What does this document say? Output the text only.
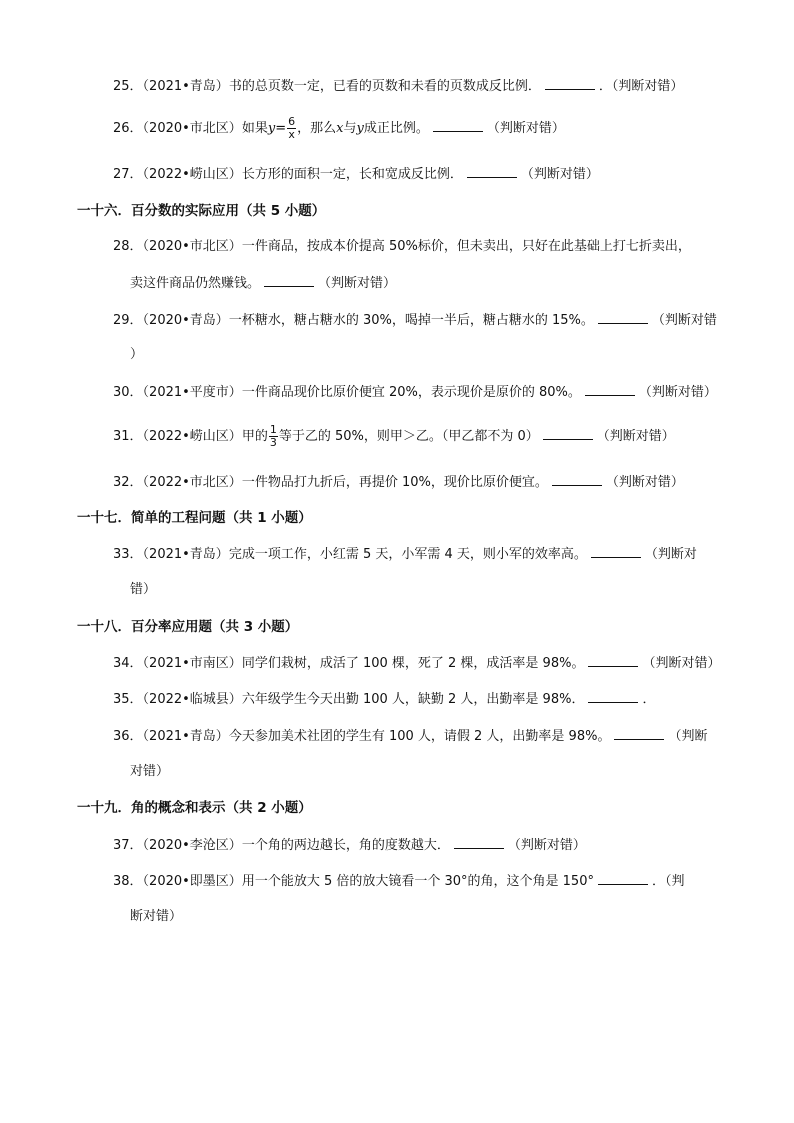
25．（2021•青岛）书的总页数一定，已看的页数和未看的页数成反比例．	．（判断对错）
26．（2020•市北区）如果$y= \frac{6}{x}$ ，那么x与y成正比例。	（判断对错）
27．（2022•崂山区）长方形的面积一定，长和宽成反比例．	（判断对错）
一十六．百分数的实际应用（共 5 小题）
28．（2020•市北区）一件商品，按成本价提高 50%标价，但未卖出，只好在此基础上打七折卖出，
卖这件商品仍然赚钱。	（判断对错）
29．（2020•青岛）一杯糖水，糖占糖水的 30%，喝掉一半后，糖占糖水的 15%。	（判断对错
）
30．（2021•平度市）一件商品现价比原价便宜 20%，表示现价是原价的 80%。	（判断对错）
31．（2022•崂山区）甲的 $\frac{1}{3}$ 等于乙的 50%，则甲＞乙。（甲乙都不为 0）	（判断对错）
32．（2022•市北区）一件物品打九折后，再提价 10%，现价比原价便宜。	（判断对错）
一十七．简单的工程问题（共 1 小题）
33．（2021•青岛）完成一项工作，小红需 5 天，小军需 4 天，则小军的效率高。	（判断对
错）
一十八．百分率应用题（共 3 小题）
34．（2021•市南区）同学们栽树，成活了 100 棵，死了 2 棵，成活率是 98%。	（判断对错）
35．（2022•临城县）六年级学生今天出勤 100 人，缺勤 2 人，出勤率是 98%．	．
36．（2021•青岛）今天参加美术社团的学生有 100 人，请假 2 人，出勤率是 98%。	（判断
对错）
一十九．角的概念和表示（共 2 小题）
37．（2020•李沧区）一个角的两边越长，角的度数越大．	（判断对错）
38．（2020•即墨区）用一个能放大 5 倍的放大镜看一个 30°的角，这个角是 150°	．（判
断对错）
